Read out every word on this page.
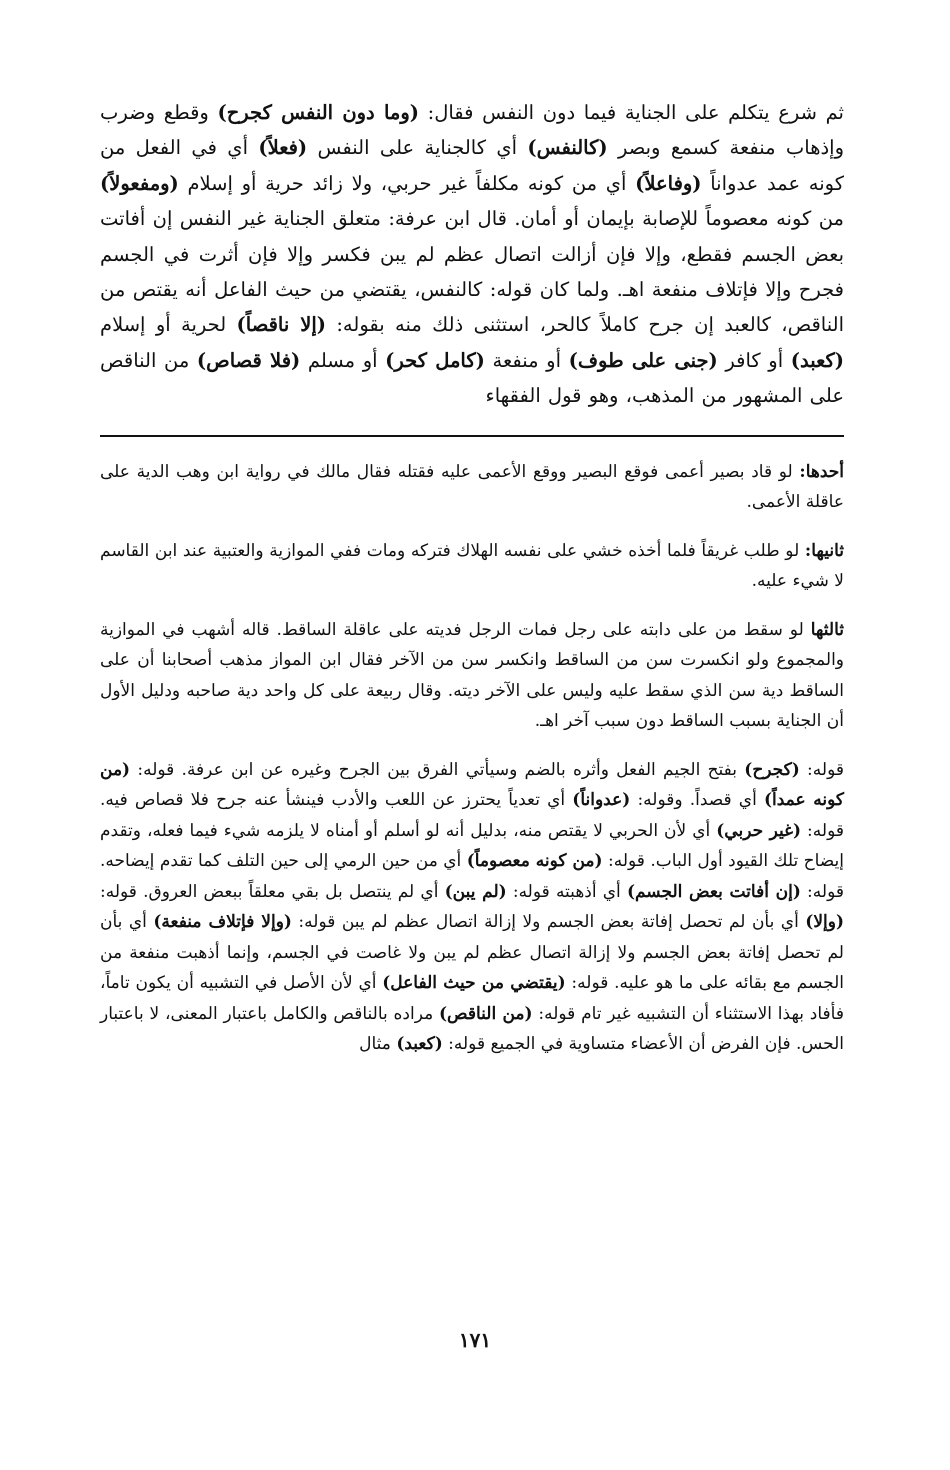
ثم شرع يتكلم على الجناية فيما دون النفس فقال: (وما دون النفس كجرح) وقطع وضرب وإذهاب منفعة كسمع وبصر (كالنفس) أي كالجناية على النفس (فعلاً) أي في الفعل من كونه عمد عدواناً (وفاعلاً) أي من كونه مكلفاً غير حربي، ولا زائد حرية أو إسلام (ومفعولاً) من كونه معصوماً للإصابة بإيمان أو أمان. قال ابن عرفة: متعلق الجناية غير النفس إن أفاتت بعض الجسم فقطع، وإلا فإن أزالت اتصال عظم لم يبن فكسر وإلا فإن أثرت في الجسم فجرح وإلا فإتلاف منفعة اهـ. ولما كان قوله: كالنفس، يقتضي من حيث الفاعل أنه يقتص من الناقص، كالعبد إن جرح كاملاً كالحر، استثنى ذلك منه بقوله: (إلا ناقصاً) لحرية أو إسلام (كعبد) أو كافر (جنى على طوف) أو منفعة (كامل كحر) أو مسلم (فلا قصاص) من الناقص على المشهور من المذهب، وهو قول الفقهاء

أحدها: لو قاد بصير أعمى فوقع البصير ووقع الأعمى عليه فقتله فقال مالك في رواية ابن وهب الدية على عاقلة الأعمى.

ثانيها: لو طلب غريقاً فلما أخذه خشي على نفسه الهلاك فتركه ومات ففي الموازية والعتبية عند ابن القاسم لا شيء عليه.

ثالثها لو سقط من على دابته على رجل فمات الرجل فديته على عاقلة الساقط. قاله أشهب في الموازية والمجموع ولو انكسرت سن من الساقط وانكسر سن من الآخر فقال ابن المواز مذهب أصحابنا أن على الساقط دية سن الذي سقط عليه وليس على الآخر ديته. وقال ربيعة على كل واحد دية صاحبه ودليل الأول أن الجناية بسبب الساقط دون سبب آخر اهـ.

قوله: (كجرح) بفتح الجيم الفعل وأثره بالضم وسيأتي الفرق بين الجرح وغيره عن ابن عرفة. قوله: (من كونه عمداً) أي قصداً. وقوله: (عدواناً) أي تعدياً يحترز عن اللعب والأدب فينشأ عنه جرح فلا قصاص فيه. قوله: (غير حربي) أي لأن الحربي لا يقتص منه، بدليل أنه لو أسلم أو أمناه لا يلزمه شيء فيما فعله، وتقدم إيضاح تلك القيود أول الباب. قوله: (من كونه معصوماً) أي من حين الرمي إلى حين التلف كما تقدم إيضاحه. قوله: (إن أفاتت بعض الجسم) أي أذهبته قوله: (لم يبن) أي لم ينتصل بل بقي معلقاً ببعض العروق. قوله: (وإلا) أي بأن لم تحصل إفاتة بعض الجسم ولا إزالة اتصال عظم لم يبن قوله: (وإلا فإتلاف منفعة) أي بأن لم تحصل إفاتة بعض الجسم ولا إزالة اتصال عظم لم يبن ولا غاصت في الجسم، وإنما أذهبت منفعة من الجسم مع بقائه على ما هو عليه. قوله: (يقتضي من حيث الفاعل) أي لأن الأصل في التشبيه أن يكون تاماً، فأفاد بهذا الاستثناء أن التشبيه غير تام قوله: (من الناقص) مراده بالناقص والكامل باعتبار المعنى، لا باعتبار الحس. فإن الفرض أن الأعضاء متساوية في الجميع قوله: (كعبد) مثال

١٧١
